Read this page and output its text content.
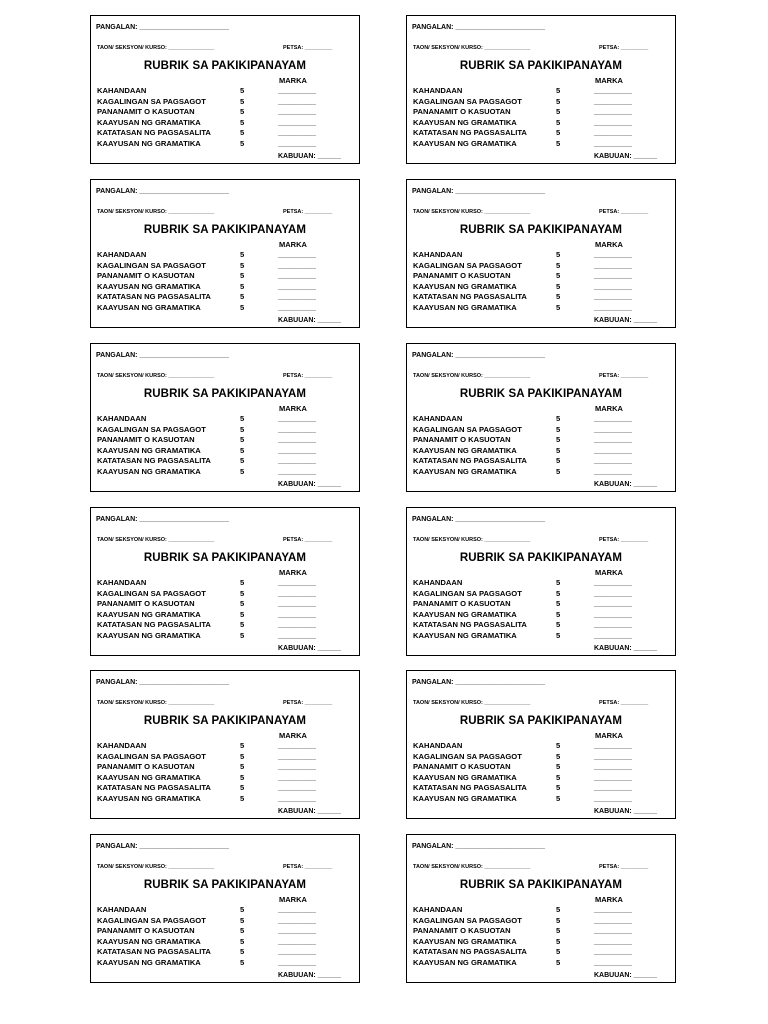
PANGALAN: _______________________
TAON/ SEKSYON/ KURSO: _______________	PETSA: _________
RUBRIK SA PAKIKIPANAYAM
MARKA
KAHANDAAN	5	_________
KAGALINGAN SA PAGSAGOT	5	_________
PANANAMIT O KASUOTAN	5	_________
KAAYUSAN NG GRAMATIKA	5	_________
KATATASAN NG PAGSASALITA	5	_________
KAAYUSAN NG GRAMATIKA	5	_________
KABUUAN: ______
PANGALAN: _______________________
TAON/ SEKSYON/ KURSO: _______________	PETSA: _________
RUBRIK SA PAKIKIPANAYAM
MARKA
KAHANDAAN	5	_________
KAGALINGAN SA PAGSAGOT	5	_________
PANANAMIT O KASUOTAN	5	_________
KAAYUSAN NG GRAMATIKA	5	_________
KATATASAN NG PAGSASALITA	5	_________
KAAYUSAN NG GRAMATIKA	5	_________
KABUUAN: ______
PANGALAN: _______________________
TAON/ SEKSYON/ KURSO: _______________	PETSA: _________
RUBRIK SA PAKIKIPANAYAM
MARKA
KAHANDAAN	5	_________
KAGALINGAN SA PAGSAGOT	5	_________
PANANAMIT O KASUOTAN	5	_________
KAAYUSAN NG GRAMATIKA	5	_________
KATATASAN NG PAGSASALITA	5	_________
KAAYUSAN NG GRAMATIKA	5	_________
KABUUAN: ______
PANGALAN: _______________________
TAON/ SEKSYON/ KURSO: _______________	PETSA: _________
RUBRIK SA PAKIKIPANAYAM
MARKA
KAHANDAAN	5	_________
KAGALINGAN SA PAGSAGOT	5	_________
PANANAMIT O KASUOTAN	5	_________
KAAYUSAN NG GRAMATIKA	5	_________
KATATASAN NG PAGSASALITA	5	_________
KAAYUSAN NG GRAMATIKA	5	_________
KABUUAN: ______
PANGALAN: _______________________
TAON/ SEKSYON/ KURSO: _______________	PETSA: _________
RUBRIK SA PAKIKIPANAYAM
MARKA
KAHANDAAN	5	_________
KAGALINGAN SA PAGSAGOT	5	_________
PANANAMIT O KASUOTAN	5	_________
KAAYUSAN NG GRAMATIKA	5	_________
KATATASAN NG PAGSASALITA	5	_________
KAAYUSAN NG GRAMATIKA	5	_________
KABUUAN: ______
PANGALAN: _______________________
TAON/ SEKSYON/ KURSO: _______________	PETSA: _________
RUBRIK SA PAKIKIPANAYAM
MARKA
KAHANDAAN	5	_________
KAGALINGAN SA PAGSAGOT	5	_________
PANANAMIT O KASUOTAN	5	_________
KAAYUSAN NG GRAMATIKA	5	_________
KATATASAN NG PAGSASALITA	5	_________
KAAYUSAN NG GRAMATIKA	5	_________
KABUUAN: ______
PANGALAN: _______________________
TAON/ SEKSYON/ KURSO: _______________	PETSA: _________
RUBRIK SA PAKIKIPANAYAM
MARKA
KAHANDAAN	5	_________
KAGALINGAN SA PAGSAGOT	5	_________
PANANAMIT O KASUOTAN	5	_________
KAAYUSAN NG GRAMATIKA	5	_________
KATATASAN NG PAGSASALITA	5	_________
KAAYUSAN NG GRAMATIKA	5	_________
KABUUAN: ______
PANGALAN: _______________________
TAON/ SEKSYON/ KURSO: _______________	PETSA: _________
RUBRIK SA PAKIKIPANAYAM
MARKA
KAHANDAAN	5	_________
KAGALINGAN SA PAGSAGOT	5	_________
PANANAMIT O KASUOTAN	5	_________
KAAYUSAN NG GRAMATIKA	5	_________
KATATASAN NG PAGSASALITA	5	_________
KAAYUSAN NG GRAMATIKA	5	_________
KABUUAN: ______
PANGALAN: _______________________
TAON/ SEKSYON/ KURSO: _______________	PETSA: _________
RUBRIK SA PAKIKIPANAYAM
MARKA
KAHANDAAN	5	_________
KAGALINGAN SA PAGSAGOT	5	_________
PANANAMIT O KASUOTAN	5	_________
KAAYUSAN NG GRAMATIKA	5	_________
KATATASAN NG PAGSASALITA	5	_________
KAAYUSAN NG GRAMATIKA	5	_________
KABUUAN: ______
PANGALAN: _______________________
TAON/ SEKSYON/ KURSO: _______________	PETSA: _________
RUBRIK SA PAKIKIPANAYAM
MARKA
KAHANDAAN	5	_________
KAGALINGAN SA PAGSAGOT	5	_________
PANANAMIT O KASUOTAN	5	_________
KAAYUSAN NG GRAMATIKA	5	_________
KATATASAN NG PAGSASALITA	5	_________
KAAYUSAN NG GRAMATIKA	5	_________
KABUUAN: ______
PANGALAN: _______________________
TAON/ SEKSYON/ KURSO: _______________	PETSA: _________
RUBRIK SA PAKIKIPANAYAM
MARKA
KAHANDAAN	5	_________
KAGALINGAN SA PAGSAGOT	5	_________
PANANAMIT O KASUOTAN	5	_________
KAAYUSAN NG GRAMATIKA	5	_________
KATATASAN NG PAGSASALITA	5	_________
KAAYUSAN NG GRAMATIKA	5	_________
KABUUAN: ______
PANGALAN: _______________________
TAON/ SEKSYON/ KURSO: _______________	PETSA: _________
RUBRIK SA PAKIKIPANAYAM
MARKA
KAHANDAAN	5	_________
KAGALINGAN SA PAGSAGOT	5	_________
PANANAMIT O KASUOTAN	5	_________
KAAYUSAN NG GRAMATIKA	5	_________
KATATASAN NG PAGSASALITA	5	_________
KAAYUSAN NG GRAMATIKA	5	_________
KABUUAN: ______
